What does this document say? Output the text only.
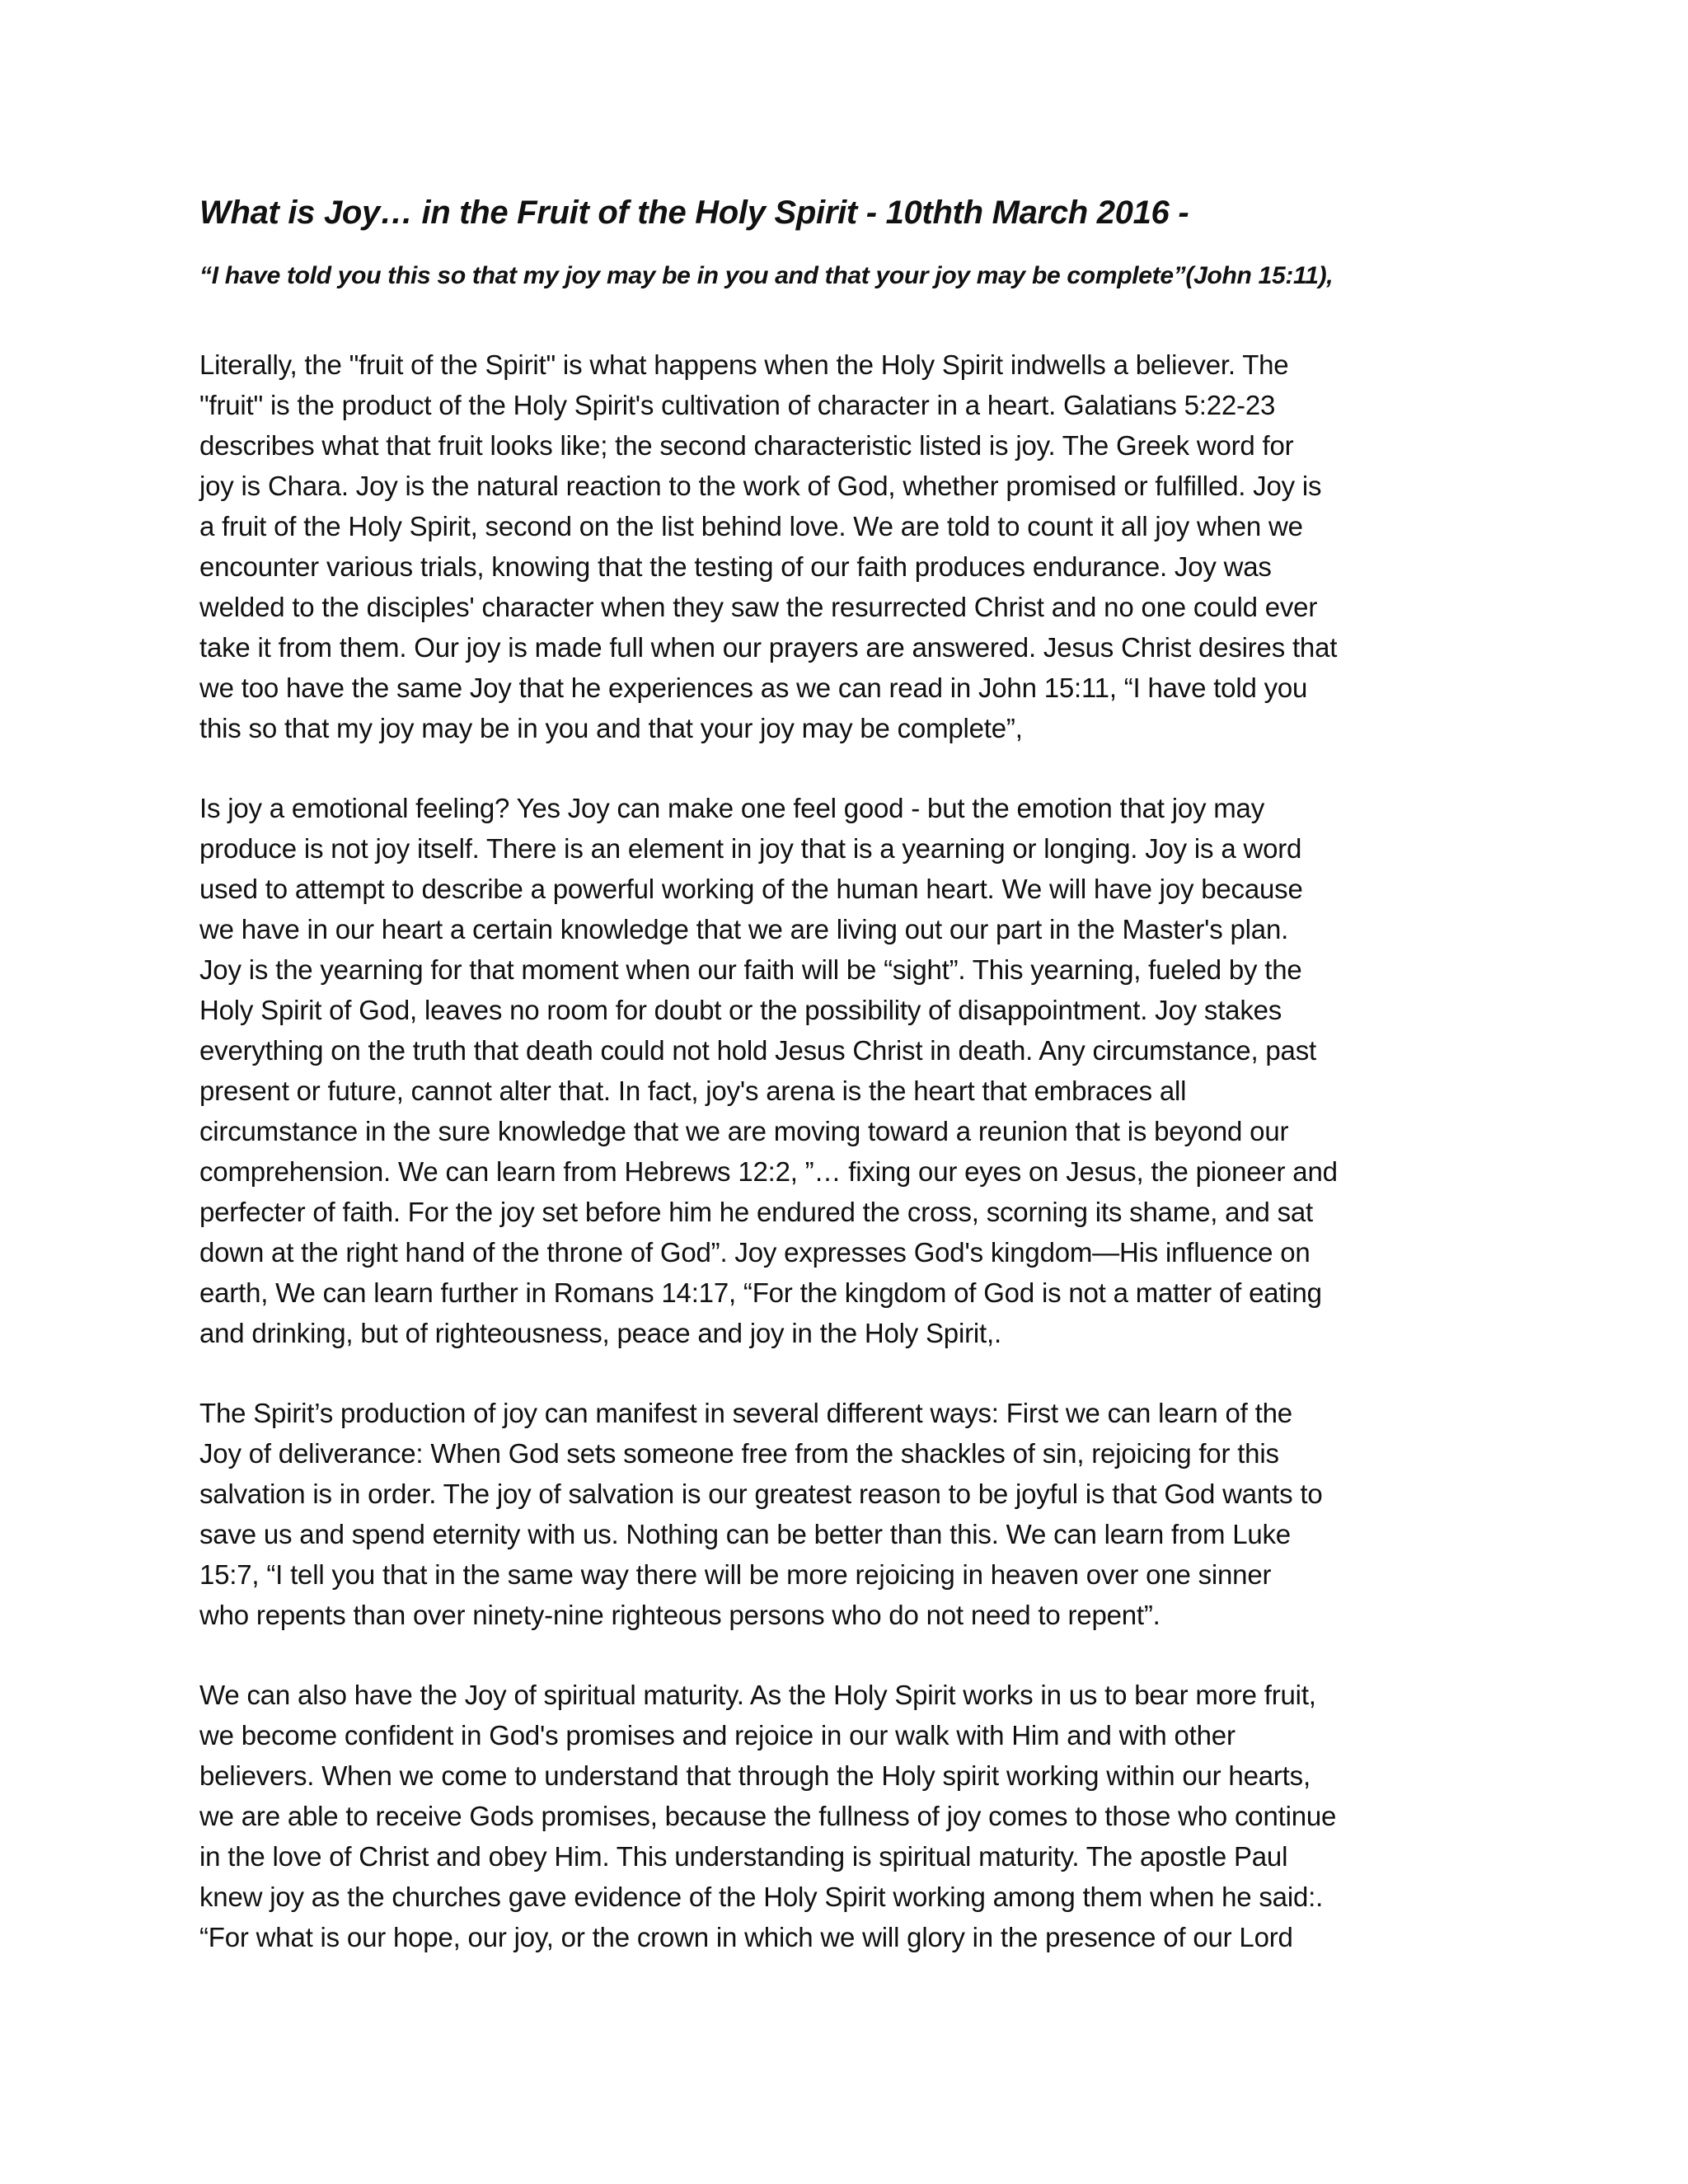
What is Joy… in the Fruit of the Holy Spirit - 10thth March 2016 -

“I have told you this so that my joy may be in you and that your joy may be complete”(John 15:11),

Literally, the "fruit of the Spirit" is what happens when the Holy Spirit indwells a believer. The
"fruit" is the product of the Holy Spirit's cultivation of character in a heart. Galatians 5:22-23
describes what that fruit looks like; the second characteristic listed is joy. The Greek word for
joy is Chara. Joy is the natural reaction to the work of God, whether promised or fulfilled. Joy is
a fruit of the Holy Spirit, second on the list behind love. We are told to count it all joy when we
encounter various trials, knowing that the testing of our faith produces endurance. Joy was
welded to the disciples' character when they saw the resurrected Christ and no one could ever
take it from them. Our joy is made full when our prayers are answered. Jesus Christ desires that
we too have the same Joy that he experiences as we can read in John 15:11, “I have told you
this so that my joy may be in you and that your joy may be complete”,
Is joy a emotional feeling? Yes Joy can make one feel good - but the emotion that joy may
produce is not joy itself. There is an element in joy that is a yearning or longing. Joy is a word
used to attempt to describe a powerful working of the human heart. We will have joy because
we have in our heart a certain knowledge that we are living out our part in the Master's plan.
Joy is the yearning for that moment when our faith will be “sight”. This yearning, fueled by the
Holy Spirit of God, leaves no room for doubt or the possibility of disappointment. Joy stakes
everything on the truth that death could not hold Jesus Christ in death. Any circumstance, past
present or future, cannot alter that. In fact, joy's arena is the heart that embraces all
circumstance in the sure knowledge that we are moving toward a reunion that is beyond our
comprehension. We can learn from Hebrews 12:2, ”… fixing our eyes on Jesus, the pioneer and
perfecter of faith. For the joy set before him he endured the cross, scorning its shame, and sat
down at the right hand of the throne of God”. Joy expresses God's kingdom—His influence on
earth, We can learn further in Romans 14:17, “For the kingdom of God is not a matter of eating
and drinking, but of righteousness, peace and joy in the Holy Spirit,.
The Spirit’s production of joy can manifest in several different ways: First we can learn of the
Joy of deliverance: When God sets someone free from the shackles of sin, rejoicing for this
salvation is in order. The joy of salvation is our greatest reason to be joyful is that God wants to
save us and spend eternity with us. Nothing can be better than this. We can learn from Luke
15:7, “I tell you that in the same way there will be more rejoicing in heaven over one sinner
who repents than over ninety-nine righteous persons who do not need to repent”.
We can also have the Joy of spiritual maturity. As the Holy Spirit works in us to bear more fruit,
we become confident in God's promises and rejoice in our walk with Him and with other
believers. When we come to understand that through the Holy spirit working within our hearts,
we are able to receive Gods promises, because the fullness of joy comes to those who continue
in the love of Christ and obey Him. This understanding is spiritual maturity. The apostle Paul
knew joy as the churches gave evidence of the Holy Spirit working among them when he said:.
“For what is our hope, our joy, or the crown in which we will glory in the presence of our Lord
